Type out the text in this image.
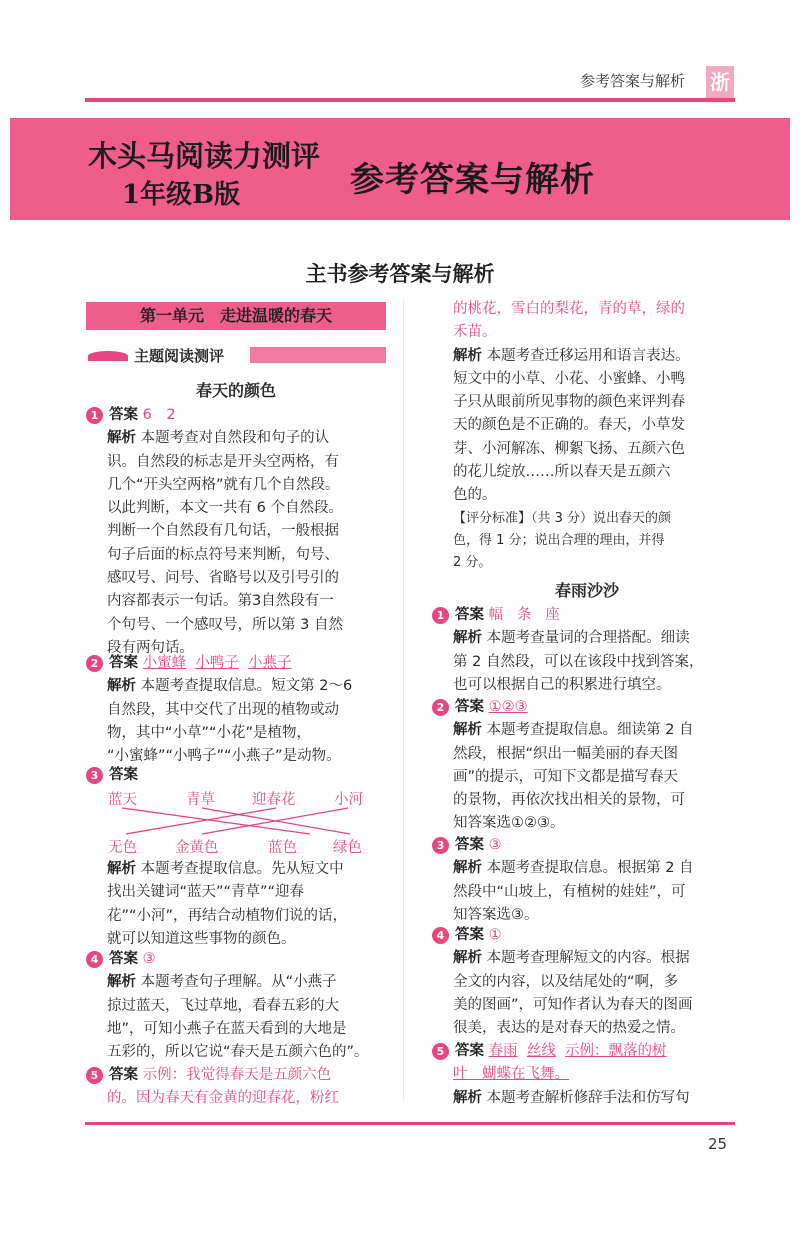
参考答案与解析 浙
木头马阅读力测评
1年级B版	参考答案与解析
主书参考答案与解析
第一单元　走进温暖的春天
主题阅读测评
春天的颜色
1 答案 6　2
解析 本题考查对自然段和句子的认
识。自然段的标志是开头空两格，有
几个“开头空两格”就有几个自然段。
以此判断，本文一共有 6 个自然段。
判断一个自然段有几句话，一般根据
句子后面的标点符号来判断，句号、
感叹号、问号、省略号以及引号引的
内容都表示一句话。第3自然段有一
个句号、一个感叹号，所以第 3 自然
段有两句话。
2 答案 小蜜蜂 小鸭子 小燕子
解析 本题考查提取信息。短文第 2～6
自然段，其中交代了出现的植物或动
物，其中“小草”“小花”是植物，
“小蜜蜂”“小鸭子”“小燕子”是动物。
3 答案
蓝天	青草	迎春花	小河
无色	金黄色	蓝色 绿色
解析 本题考查提取信息。先从短文中
找出关键词“蓝天”“青草”“迎春
花”“小河”，再结合动植物们说的话，
就可以知道这些事物的颜色。
4 答案 ③
解析 本题考查句子理解。从“小燕子
掠过蓝天，飞过草地，看春五彩的大
地”，可知小燕子在蓝天看到的大地是
五彩的，所以它说“春天是五颜六色的”。
5 答案 示例：我觉得春天是五颜六色
的。因为春天有金黄的迎春花，粉红
的桃花，雪白的梨花，青的草，绿的
禾苗。
解析 本题考查迁移运用和语言表达。
短文中的小草、小花、小蜜蜂、小鸭
子只从眼前所见事物的颜色来评判春
天的颜色是不正确的。春天，小草发
芽、小河解冻、柳絮飞扬、五颜六色
的花儿绽放……所以春天是五颜六
色的。
【评分标准】（共 3 分）说出春天的颜
色，得 1 分；说出合理的理由，并得
2 分。
春雨沙沙
1 答案 幅 条 座
解析 本题考查量词的合理搭配。细读
第 2 自然段，可以在该段中找到答案，
也可以根据自己的积累进行填空。
2 答案 ①②③
解析 本题考查提取信息。细读第 2 自
然段，根据“织出一幅美丽的春天图
画”的提示，可知下文都是描写春天
的景物，再依次找出相关的景物，可
知答案选①②③。
3 答案 ③
解析 本题考查提取信息。根据第 2 自
然段中“山坡上，有植树的娃娃”，可
知答案选③。
4 答案 ①
解析 本题考查理解短文的内容。根据
全文的内容，以及结尾处的“啊，多
美的图画”，可知作者认为春天的图画
很美，表达的是对春天的热爱之情。
5 答案 春雨 丝线 示例：飘落的树
叶　蝴蝶在飞舞。
解析 本题考查解析修辞手法和仿写句
25
